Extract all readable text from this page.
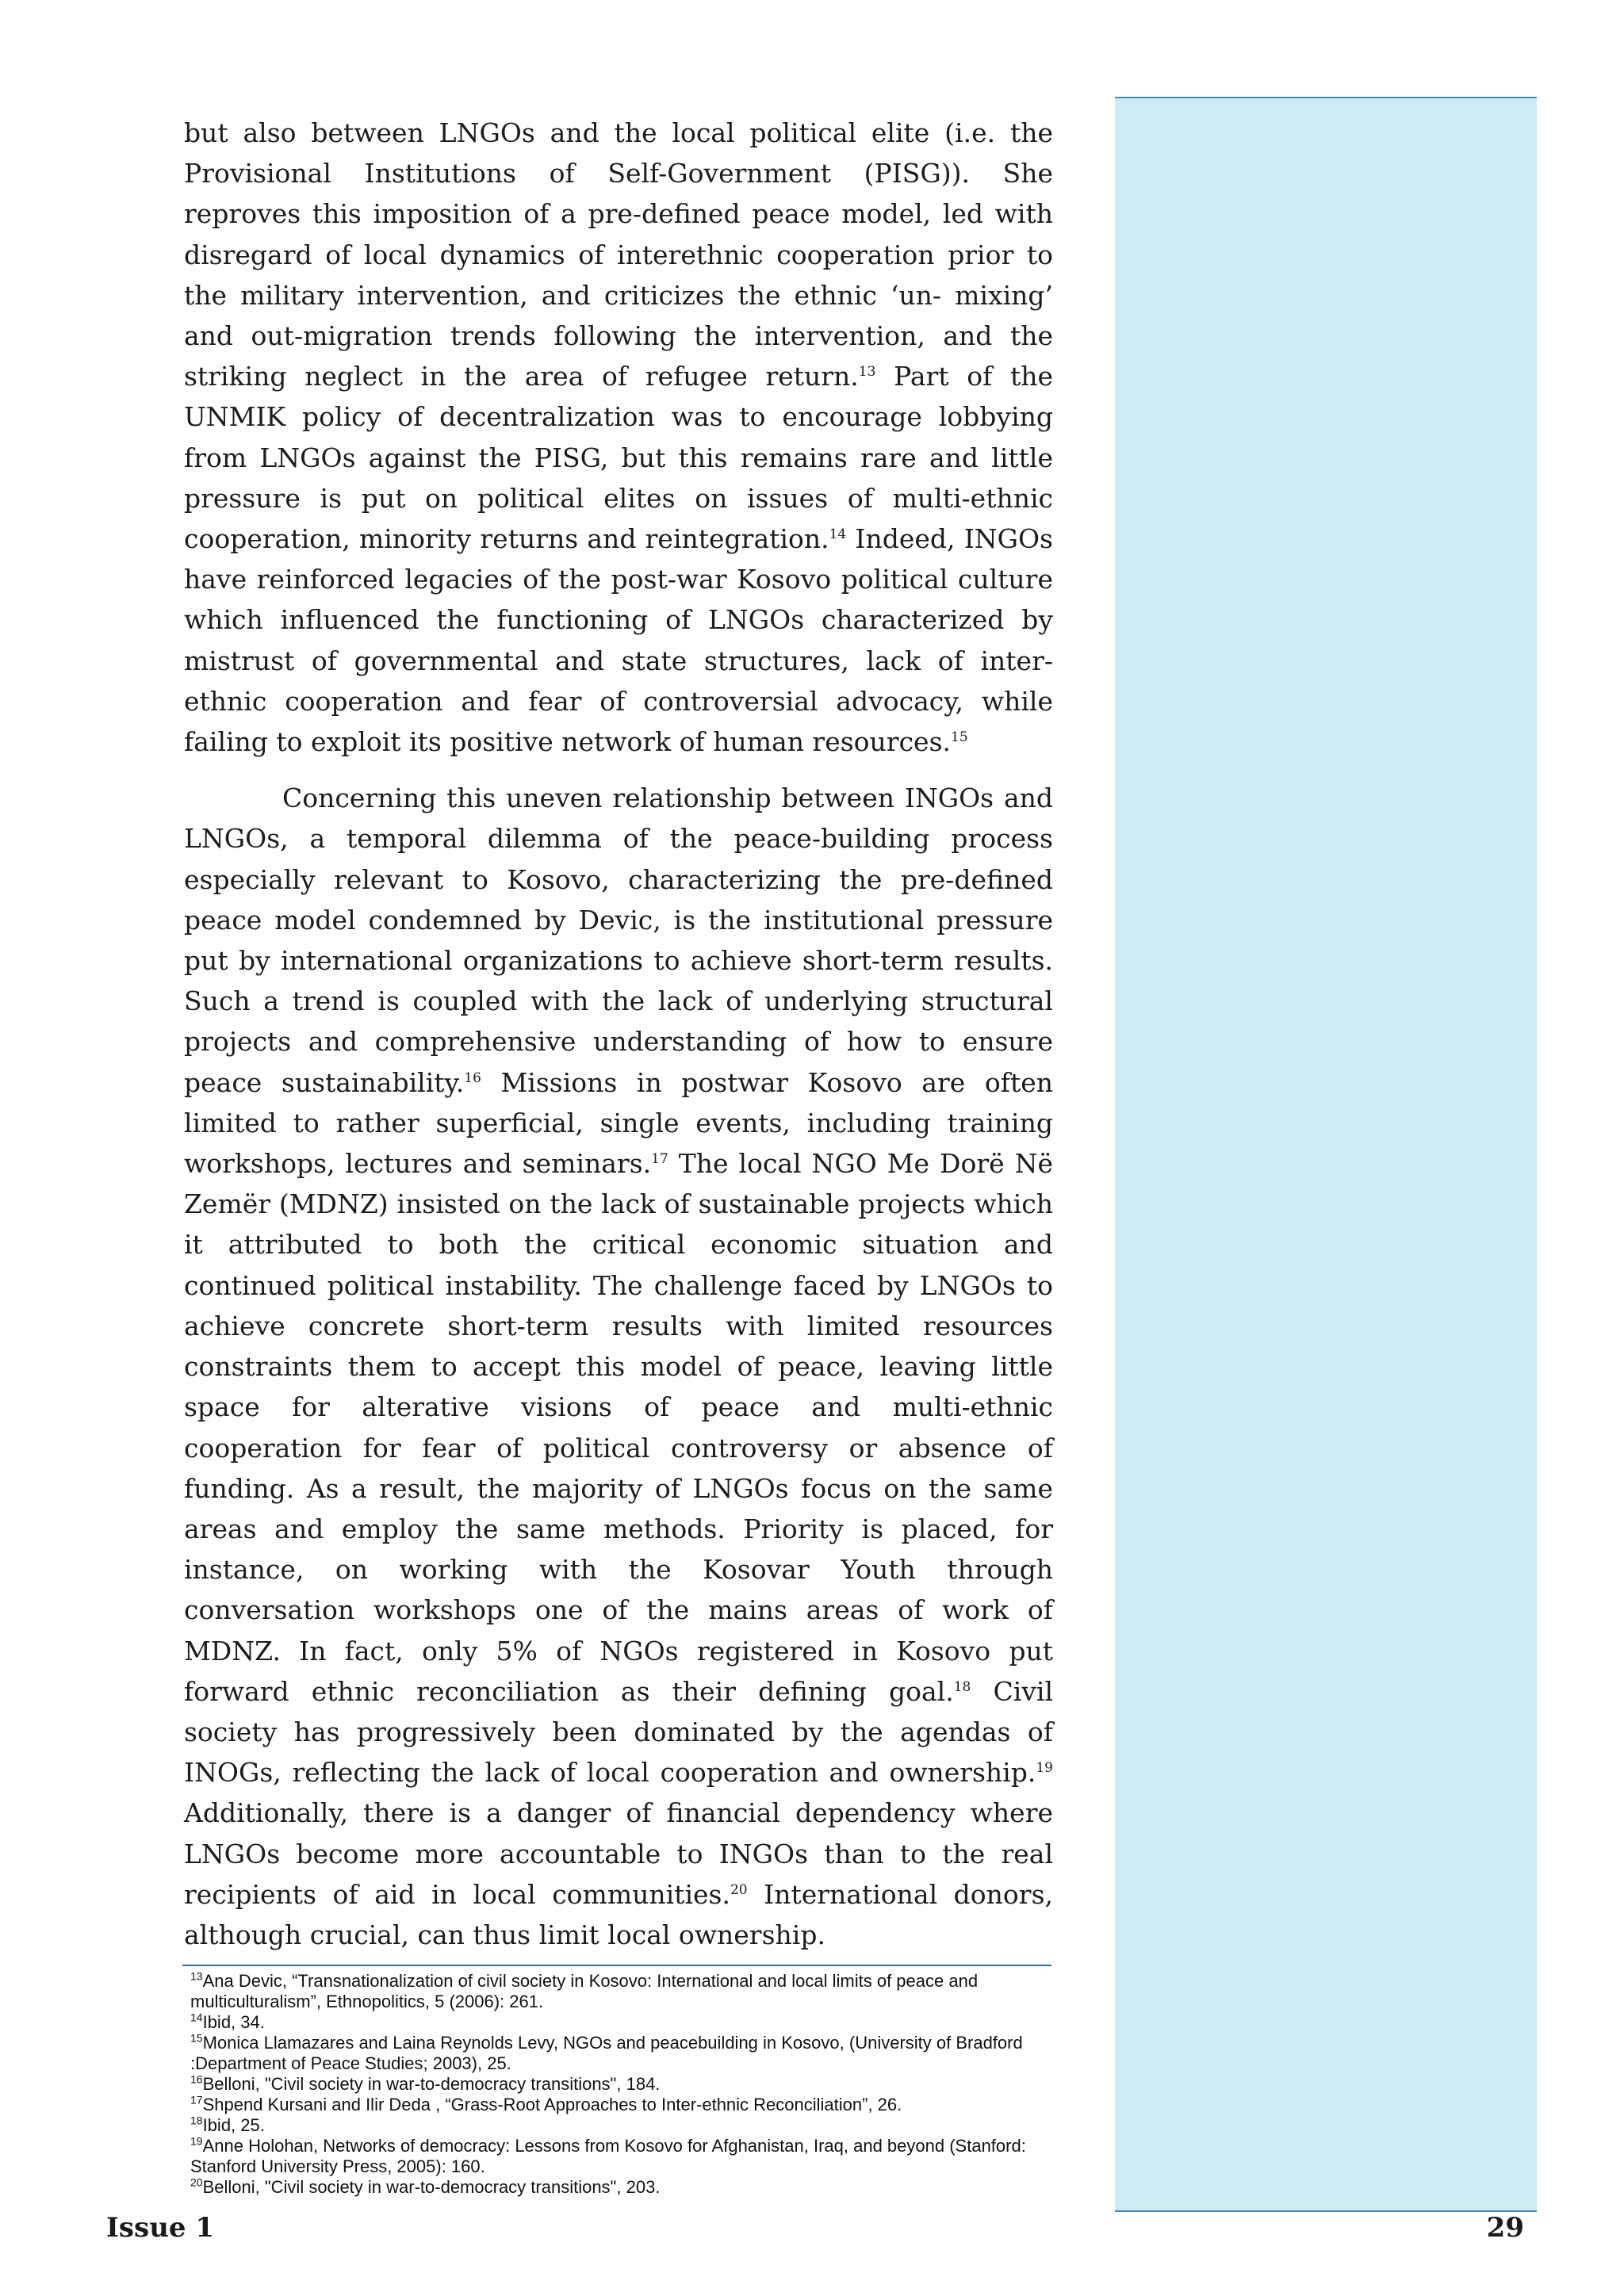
but also between LNGOs and the local political elite (i.e. the Provisional Institutions of Self-Government (PISG)). She reproves this imposition of a pre-defined peace model, led with disregard of local dynamics of interethnic cooperation prior to the military intervention, and criticizes the ethnic ‘un- mixing’ and out-migration trends following the intervention, and the striking neglect in the area of refugee return.$^{13}$ Part of the UNMIK policy of decentralization was to encourage lobbying from LNGOs against the PISG, but this remains rare and little pressure is put on political elites on issues of multi-ethnic cooperation, minority returns and reintegration.$^{14}$ Indeed, INGOs have reinforced legacies of the post-war Kosovo political culture which influenced the functioning of LNGOs characterized by mistrust of governmental and state structures, lack of inter-ethnic cooperation and fear of controversial advocacy, while failing to exploit its positive network of human resources.$^{15}$

Concerning this uneven relationship between INGOs and LNGOs, a temporal dilemma of the peace-building process especially relevant to Kosovo, characterizing the pre-defined peace model condemned by Devic, is the institutional pressure put by international organizations to achieve short-term results. Such a trend is coupled with the lack of underlying structural projects and comprehensive understanding of how to ensure peace sustainability.$^{16}$ Missions in postwar Kosovo are often limited to rather superficial, single events, including training workshops, lectures and seminars.$^{17}$ The local NGO Me Dorë Në Zemër (MDNZ) insisted on the lack of sustainable projects which it attributed to both the critical economic situation and continued political instability. The challenge faced by LNGOs to achieve concrete short-term results with limited resources constraints them to accept this model of peace, leaving little space for alterative visions of peace and multi-ethnic cooperation for fear of political controversy or absence of funding. As a result, the majority of LNGOs focus on the same areas and employ the same methods. Priority is placed, for instance, on working with the Kosovar Youth through conversation workshops one of the mains areas of work of MDNZ. In fact, only 5% of NGOs registered in Kosovo put forward ethnic reconciliation as their defining goal.$^{18}$ Civil society has progressively been dominated by the agendas of INOGs, reflecting the lack of local cooperation and ownership.$^{19}$ Additionally, there is a danger of financial dependency where LNGOs become more accountable to INGOs than to the real recipients of aid in local communities.$^{20}$ International donors, although crucial, can thus limit local ownership.

$^{13}$Ana Devic, “Transnationalization of civil society in Kosovo: International and local limits of peace and multiculturalism”, Ethnopolitics, 5 (2006): 261.

$^{14}$Ibid, 34.

$^{15}$Monica Llamazares and Laina Reynolds Levy, NGOs and peacebuilding in Kosovo, (University of Bradford :Department of Peace Studies; 2003), 25.

$^{16}$Belloni, "Civil society in war-to-democracy transitions", 184.

$^{17}$Shpend Kursani and Ilir Deda , “Grass-Root Approaches to Inter-ethnic Reconciliation”, 26.

$^{18}$Ibid, 25.

$^{19}$Anne Holohan, Networks of democracy: Lessons from Kosovo for Afghanistan, Iraq, and beyond (Stanford: Stanford University Press, 2005): 160.

$^{20}$Belloni, "Civil society in war-to-democracy transitions", 203.

Issue 1	29
